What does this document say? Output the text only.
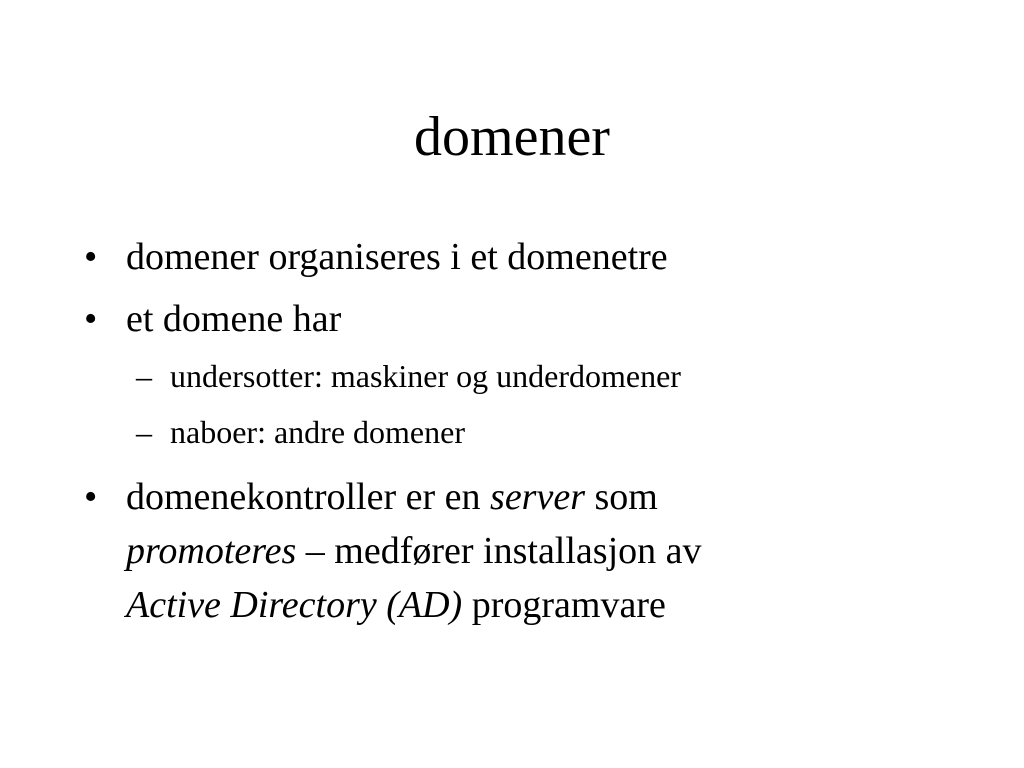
domener
• domener organiseres i et domenetre
• et domene har
– undersotter: maskiner og underdomener
– naboer: andre domener
• domenekontroller er en server som
promoteres – medfører installasjon av
Active Directory (AD) programvare
